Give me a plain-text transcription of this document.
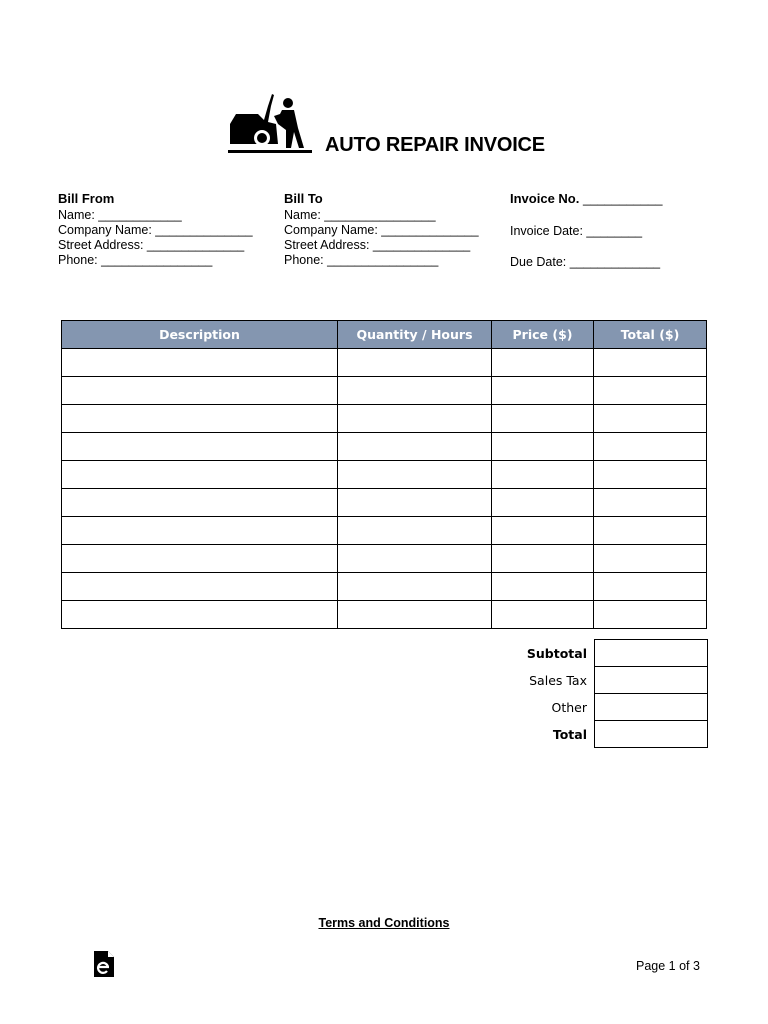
AUTO REPAIR INVOICE
Bill From
Name: ____________
Company Name: ______________
Street Address: ______________
Phone: ________________
Bill To
Name: ________________
Company Name: ______________
Street Address: ______________
Phone: ________________
Invoice No. ___________
Invoice Date: ________
Due Date: _____________
Description	Quantity / Hours	Price ($)	Total ($)

Subtotal	
Sales Tax	
Other	
Total	
Terms and Conditions
Page 1 of 3
